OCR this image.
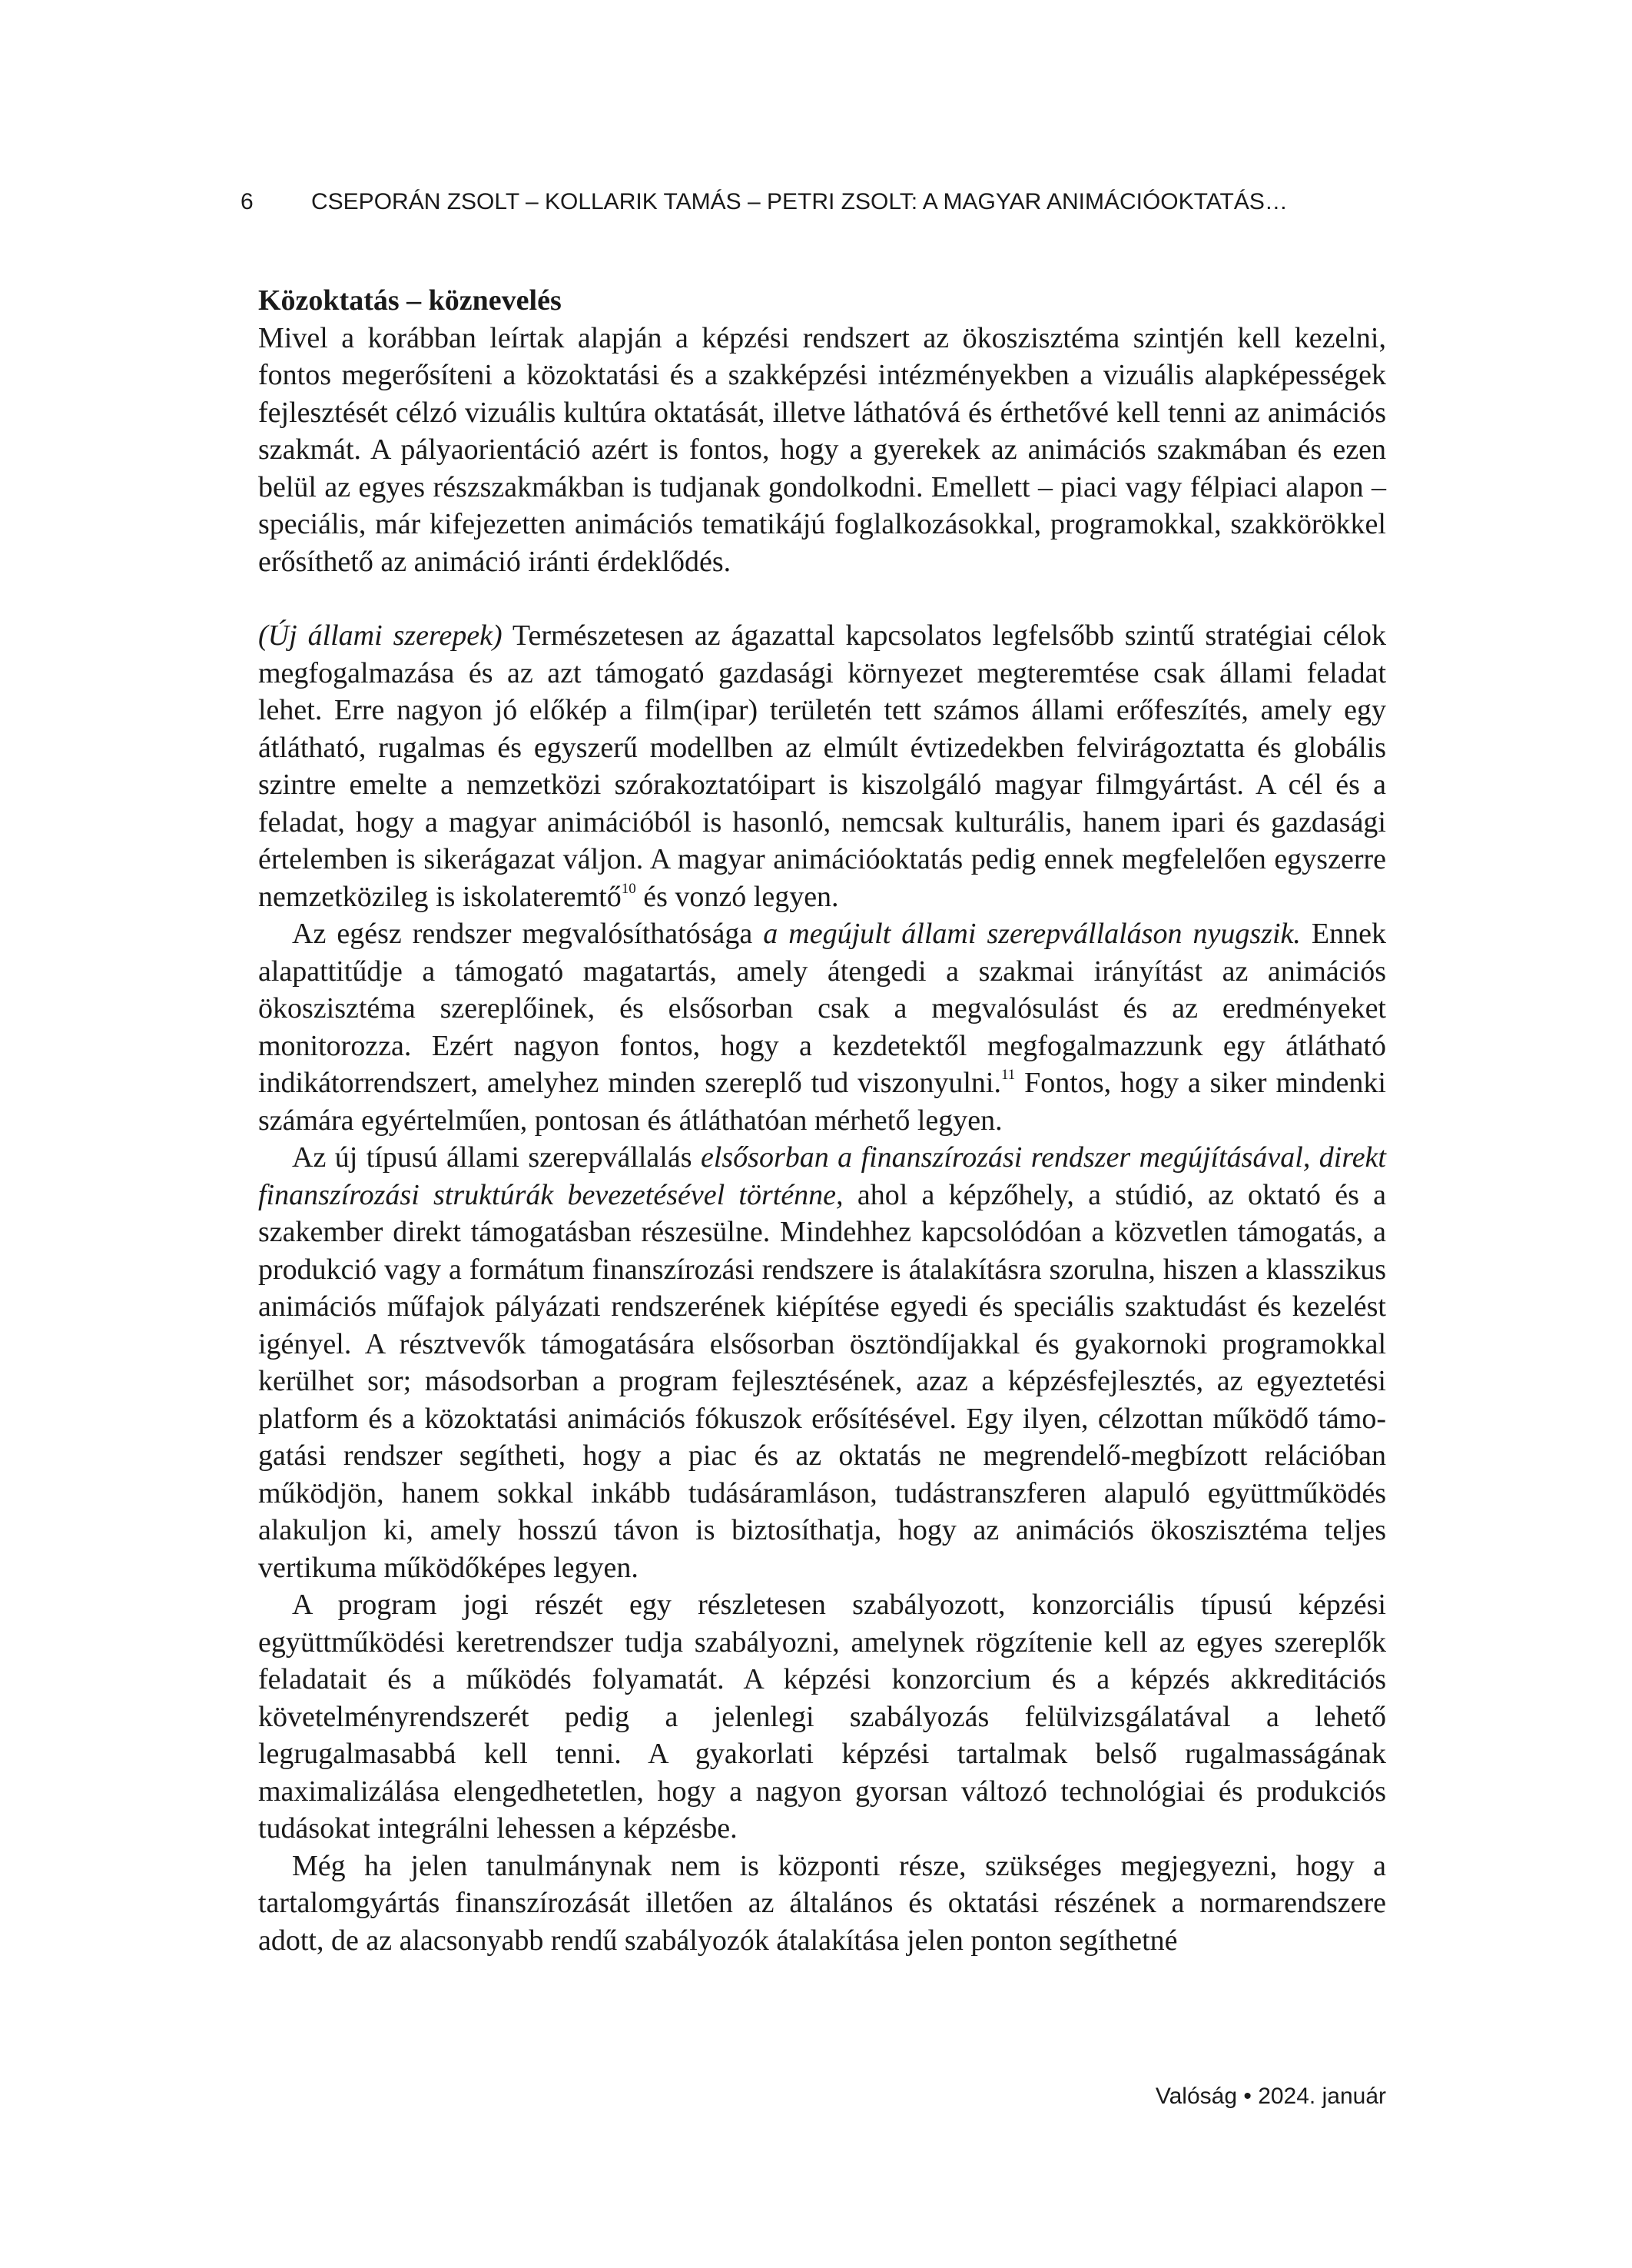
6	CSEPORÁN ZSOLT – KOLLARIK TAMÁS – PETRI ZSOLT: A MAGYAR ANIMÁCIÓOKTATÁS…
Közoktatás – köznevelés

Mivel a korábban leírtak alapján a képzési rendszert az ökoszisztéma szintjén kell kezelni, fontos megerősíteni a közoktatási és a szakképzési intézményekben a vizuális alapképességek fejlesztését célzó vizuális kultúra oktatását, illetve láthatóvá és érthetővé kell tenni az animációs szakmát. A pályaorientáció azért is fontos, hogy a gyerekek az animációs szakmában és ezen belül az egyes részszakmákban is tudjanak gondolkodni. Emellett – piaci vagy félpiaci alapon – speciális, már kifejezetten animációs tematikájú foglalkozásokkal, programokkal, szakkörökkel erősíthető az animáció iránti érdeklődés.

(Új állami szerepek) Természetesen az ágazattal kapcsolatos legfelsőbb szintű stratégiai célok megfogalmazása és az azt támogató gazdasági környezet megteremtése csak állami feladat lehet. Erre nagyon jó előkép a film(ipar) területén tett számos állami erőfeszítés, amely egy átlátható, rugalmas és egyszerű modellben az elmúlt évtizedekben felvirágoztatta és globális szintre emelte a nemzetközi szórakoztatóipart is kiszolgáló magyar filmgyártást. A cél és a feladat, hogy a magyar animációból is hasonló, nemcsak kulturális, hanem ipari és gazdasági értelemben is sikerágazat váljon. A magyar animációoktatás pedig ennek megfelelően egyszerre nemzetközileg is iskolateremtő$^{10}$ és vonzó legyen.

Az egész rendszer megvalósíthatósága a megújult állami szerepvállaláson nyugszik. Ennek alapattitűdje a támogató magatartás, amely átengedi a szakmai irányítást az animációs ökoszisztéma szereplőinek, és elsősorban csak a megvalósulást és az eredményeket monitorozza. Ezért nagyon fontos, hogy a kezdetektől megfogalmazzunk egy átlátható indikátorrendszert, amelyhez minden szereplő tud viszonyulni.$^{11}$ Fontos, hogy a siker mindenki számára egyértelműen, pontosan és átláthatóan mérhető legyen.

Az új típusú állami szerepvállalás elsősorban a finanszírozási rendszer megújításával, direkt finanszírozási struktúrák bevezetésével történne, ahol a képzőhely, a stúdió, az oktató és a szakember direkt támogatásban részesülne. Mindehhez kapcsolódóan a közvetlen támogatás, a produkció vagy a formátum finanszírozási rendszere is átalakításra szorulna, hiszen a klasszikus animációs műfajok pályázati rendszerének kiépítése egyedi és speciális szaktudást és kezelést igényel. A résztvevők támogatására elsősorban ösztöndíjakkal és gyakornoki programokkal kerülhet sor; másodsorban a program fejlesztésének, azaz a képzésfejlesztés, az egyeztetési platform és a közoktatási animációs fókuszok erősítésével. Egy ilyen, célzottan működő támogatási rendszer segítheti, hogy a piac és az oktatás ne megrendelő-megbízott relációban működjön, hanem sokkal inkább tudásáramláson, tudástranszferen alapuló együttműködés alakuljon ki, amely hosszú távon is biztosíthatja, hogy az animációs ökoszisztéma teljes vertikuma működőképes legyen.

A program jogi részét egy részletesen szabályozott, konzorciális típusú képzési együttműködési keretrendszer tudja szabályozni, amelynek rögzítenie kell az egyes szereplők feladatait és a működés folyamatát. A képzési konzorcium és a képzés akkreditációs követelményrendszerét pedig a jelenlegi szabályozás felülvizsgálatával a lehető legrugalmasabbá kell tenni. A gyakorlati képzési tartalmak belső rugalmasságának maximalizálása elengedhetetlen, hogy a nagyon gyorsan változó technológiai és produkciós tudásokat integrálni lehessen a képzésbe.

Még ha jelen tanulmánynak nem is központi része, szükséges megjegyezni, hogy a tartalomgyártás finanszírozását illetően az általános és oktatási részének a normarendszere adott, de az alacsonyabb rendű szabályozók átalakítása jelen ponton segíthetné

Valóság • 2024. január
